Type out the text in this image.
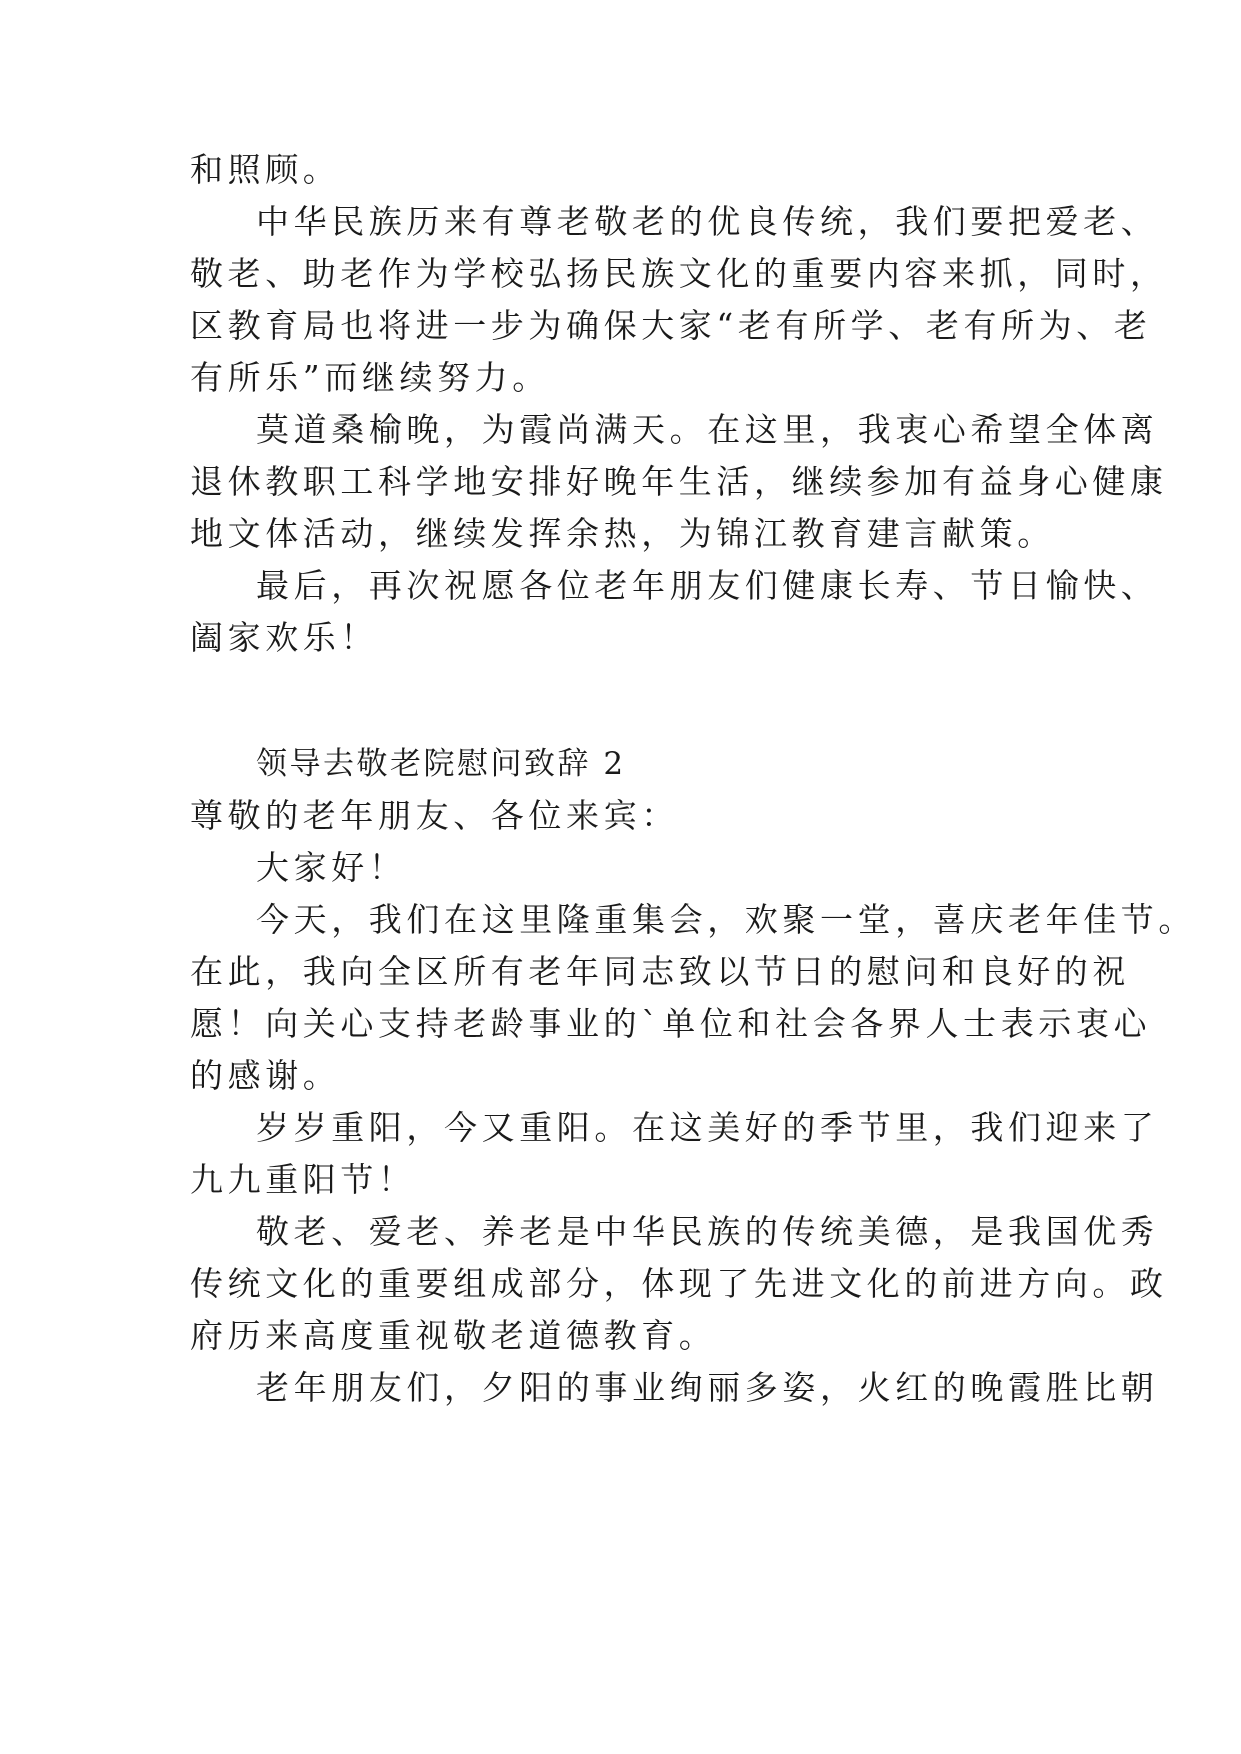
和照顾。
中华民族历来有尊老敬老的优良传统，我们要把爱老、
敬老、助老作为学校弘扬民族文化的重要内容来抓，同时，
区教育局也将进一步为确保大家“老有所学、老有所为、老
有所乐”而继续努力。
莫道桑榆晚，为霞尚满天。在这里，我衷心希望全体离
退休教职工科学地安排好晚年生活，继续参加有益身心健康
地文体活动，继续发挥余热，为锦江教育建言献策。
最后，再次祝愿各位老年朋友们健康长寿、节日愉快、
阖家欢乐！
领导去敬老院慰问致辞 2
尊敬的老年朋友、各位来宾：
大家好！
今天，我们在这里隆重集会，欢聚一堂，喜庆老年佳节。
在此，我向全区所有老年同志致以节日的慰问和良好的祝
愿！向关心支持老龄事业的`单位和社会各界人士表示衷心
的感谢。
岁岁重阳，今又重阳。在这美好的季节里，我们迎来了
九九重阳节！
敬老、爱老、养老是中华民族的传统美德，是我国优秀
传统文化的重要组成部分，体现了先进文化的前进方向。政
府历来高度重视敬老道德教育。
老年朋友们，夕阳的事业绚丽多姿，火红的晚霞胜比朝
